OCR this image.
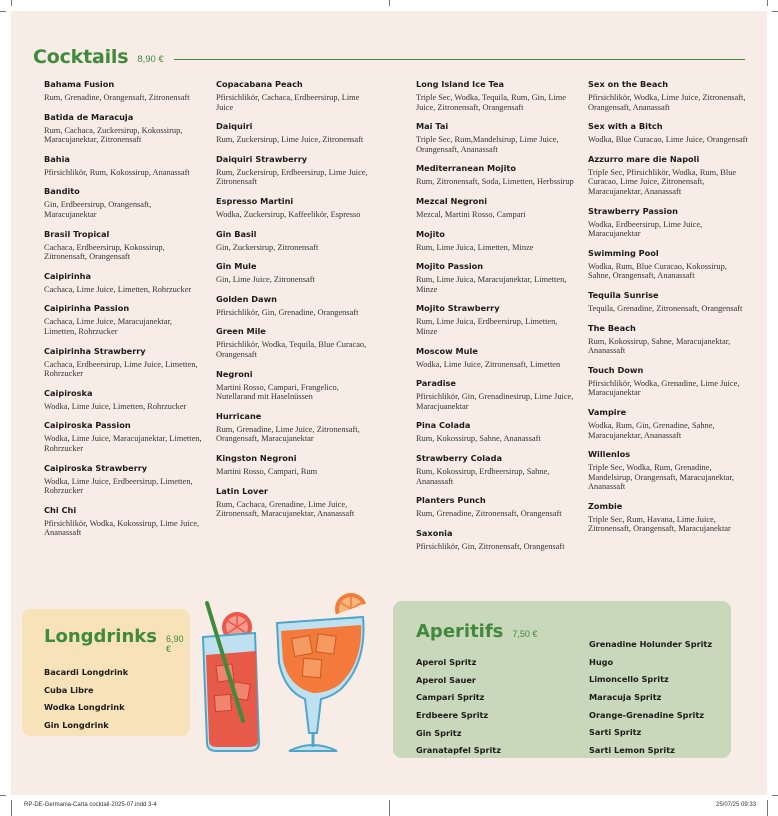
Cocktails 8,90 €
Bahama Fusion
Rum, Grenadine, Orangensaft, Zitronensaft
Batida de Maracuja
Rum, Cachaca, Zuckersirup, Kokossirup, Maracujanektar, Zitronensaft
Bahia
Pfirsichlikör, Rum, Kokossirup, Ananassaft
Bandito
Gin, Erdbeersirup, Orangensaft, Maracujanektar
Brasil Tropical
Cachaca, Erdbeersirup, Kokossirup, Zitronensaft, Orangensaft
Caipirinha
Cachaca, Lime Juice, Limetten, Rohrzucker
Caipirinha Passion
Cachaca, Lime Juice, Maracujanektar, Limetten, Rohrzucker
Caipirinha Strawberry
Cachaca, Erdbeersirup, Lime Juice, Limetten, Rohrzucker
Caipiroska
Wodka, Lime Juice, Limetten, Rohrzucker
Caipiroska Passion
Wodka, Lime Juice, Maracujanektar, Limetten, Rohrzucker
Caipiroska Strawberry
Wodka, Lime Juice, Erdbeersirup, Limetten, Rohrzucker
Chi Chi
Pfirsichlikör, Wodka, Kokossirup, Lime Juice, Ananassaft
Copacabana Peach
Pfirsichlikör, Cachaca, Erdbeersirup, Lime Juice
Daiquiri
Rum, Zuckersirup, Lime Juice, Zitronensaft
Daiquiri Strawberry
Rum, Zuckersirup, Erdbeersirup, Lime Juice, Zitronensaft
Espresso Martini
Wodka, Zuckersirup, Kaffeelikör, Espresso
Gin Basil
Gin, Zuckersirup, Zitronensaft
Gin Mule
Gin, Lime Juice, Zitronensaft
Golden Dawn
Pfirsichlikör, Gin, Grenadine, Orangensaft
Green Mile
Pfirsichlikör, Wodka, Tequila, Blue Curacao, Orangensaft
Negroni
Martini Rosso, Campari, Frangelico, Nutellarand mit Haselnüssen
Hurricane
Rum, Grenadine, Lime Juice, Zitronensaft, Orangensaft, Maracujanektar
Kingston Negroni
Martini Rosso, Campari, Rum
Latin Lover
Rum, Cachaca, Grenadine, Lime Juice, Zitronensaft, Maracujanektar, Ananassaft
Long Island Ice Tea
Triple Sec, Wodka, Tequila, Rum, Gin, Lime Juice, Zitronensaft, Orangensaft
Mai Tai
Triple Sec, Rum,Mandelsirup, Lime Juice, Orangensaft, Ananassaft
Mediterranean Mojito
Rum, Zitronensaft, Soda, Limetten, Herbssirup
Mezcal Negroni
Mezcal, Martini Rosso, Campari
Mojito
Rum, Lime Juica, Limetten, Minze
Mojito Passion
Rum, Lime Juica, Maracujanektar, Limetten, Minze
Mojito Strawberry
Rum, Lime Juica, Erdbeersirup, Limetten, Minze
Moscow Mule
Wodka, Lime Juice, Zitronensaft, Limetten
Paradise
Pfirsichlikör, Gin, Grenadinesirup, Lime Juice, Maracjuanektar
Pina Colada
Rum, Kokossirup, Sahne, Ananassaft
Strawberry Colada
Rum, Kokossirup, Erdbeersirup, Sahne, Ananassaft
Planters Punch
Rum, Grenadine, Zitronensaft, Orangensaft
Saxonia
Pfirsichlikör, Gin, Zitronensaft, Orangensaft
Sex on the Beach
Pfirsichlikör, Wodka, Lime Juice, Zitronensaft, Orangensaft, Ananassaft
Sex with a Bitch
Wodka, Blue Curacao, Lime Juice, Orangensaft
Azzurro mare die Napoli
Triple Sec, Pfirsichlikör, Wodka, Rum, Blue Curacao, Lime Juice, Zitronensaft, Maracujanektar, Ananassaft
Strawberry Passion
Wodka, Erdbeersirup, Lime Juice, Maracujanektar
Swimming Pool
Wodka, Rum, Blue Curacao, Kokossirup, Sahne, Orangensaft, Ananassaft
Tequila Sunrise
Tequila, Grenadine, Zitronensaft, Orangensaft
The Beach
Rum, Kokossirup, Sahne, Maracujanektar, Ananassaft
Touch Down
Pfirsichlikör, Wodka, Grenadine, Lime Juice, Maracujanektar
Vampire
Wodka, Rum, Gin, Grenadine, Sahne, Maracujanektar, Ananassaft
Willenlos
Triple Sec, Wodka, Rum, Grenadine, Mandelsirup, Orangensaft, Maracujanektar, Ananassaft
Zombie
Triple Sec, Rum, Havana, Lime Juice, Zitronensaft, Orangensaft, Maracujanektar
Longdrinks 6,90 €
Bacardi Longdrink
Cuba Libre
Wodka Longdrink
Gin Longdrink
Aperitifs 7,50 €
Aperol Spritz
Aperol Sauer
Campari Spritz
Erdbeere Spritz
Gin Spritz
Granatapfel Spritz
Grenadine Holunder Spritz
Hugo
Limoncello Spritz
Maracuja Spritz
Orange-Grenadine Spritz
Sarti Spritz
Sarti Lemon Spritz
RP-DE-Germania-Carta cocktail-2025-07.indd 3-4	25/07/25 09:33
